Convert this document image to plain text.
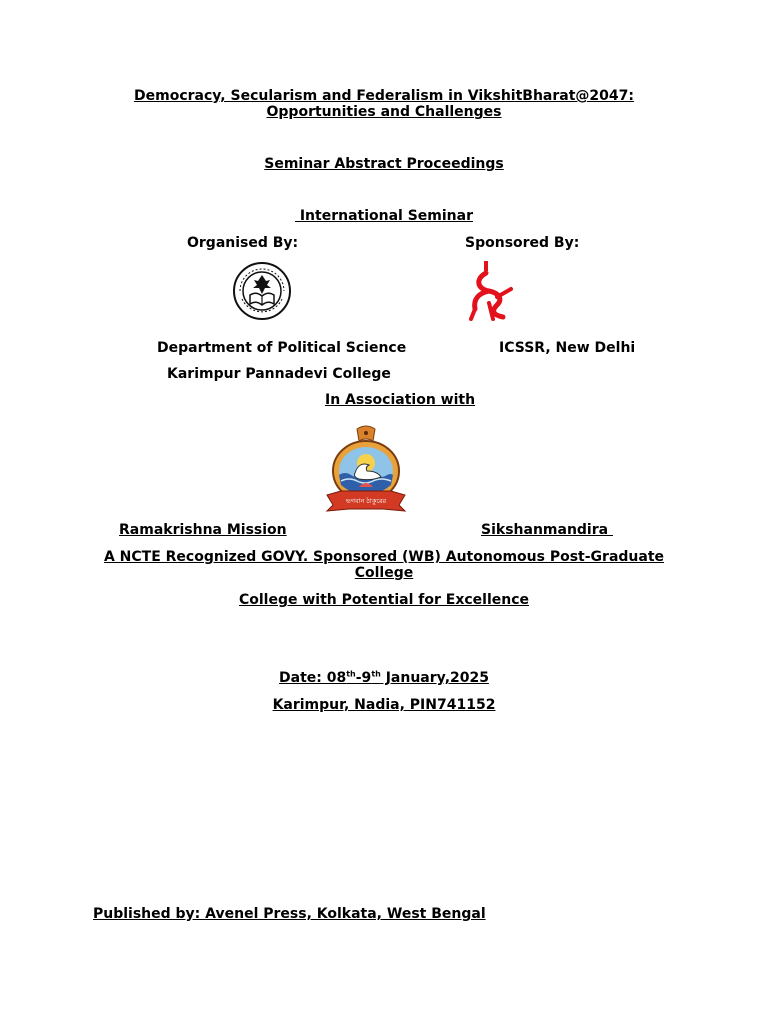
Democracy, Secularism and Federalism in VikshitBharat@2047:
Opportunities and Challenges
Seminar Abstract Proceedings
International Seminar
Organised By:	Sponsored By:
Department of Political Science	ICSSR, New Delhi
Karimpur Pannadevi College
In Association with
ভগবান ঠাকুরের
Ramakrishna Mission	Sikshanmandira
A NCTE Recognized GOVY. Sponsored (WB) Autonomous Post-Graduate
College
College with Potential for Excellence
Date: 08th-9th January,2025
Karimpur, Nadia, PIN741152
Published by: Avenel Press, Kolkata, West Bengal
